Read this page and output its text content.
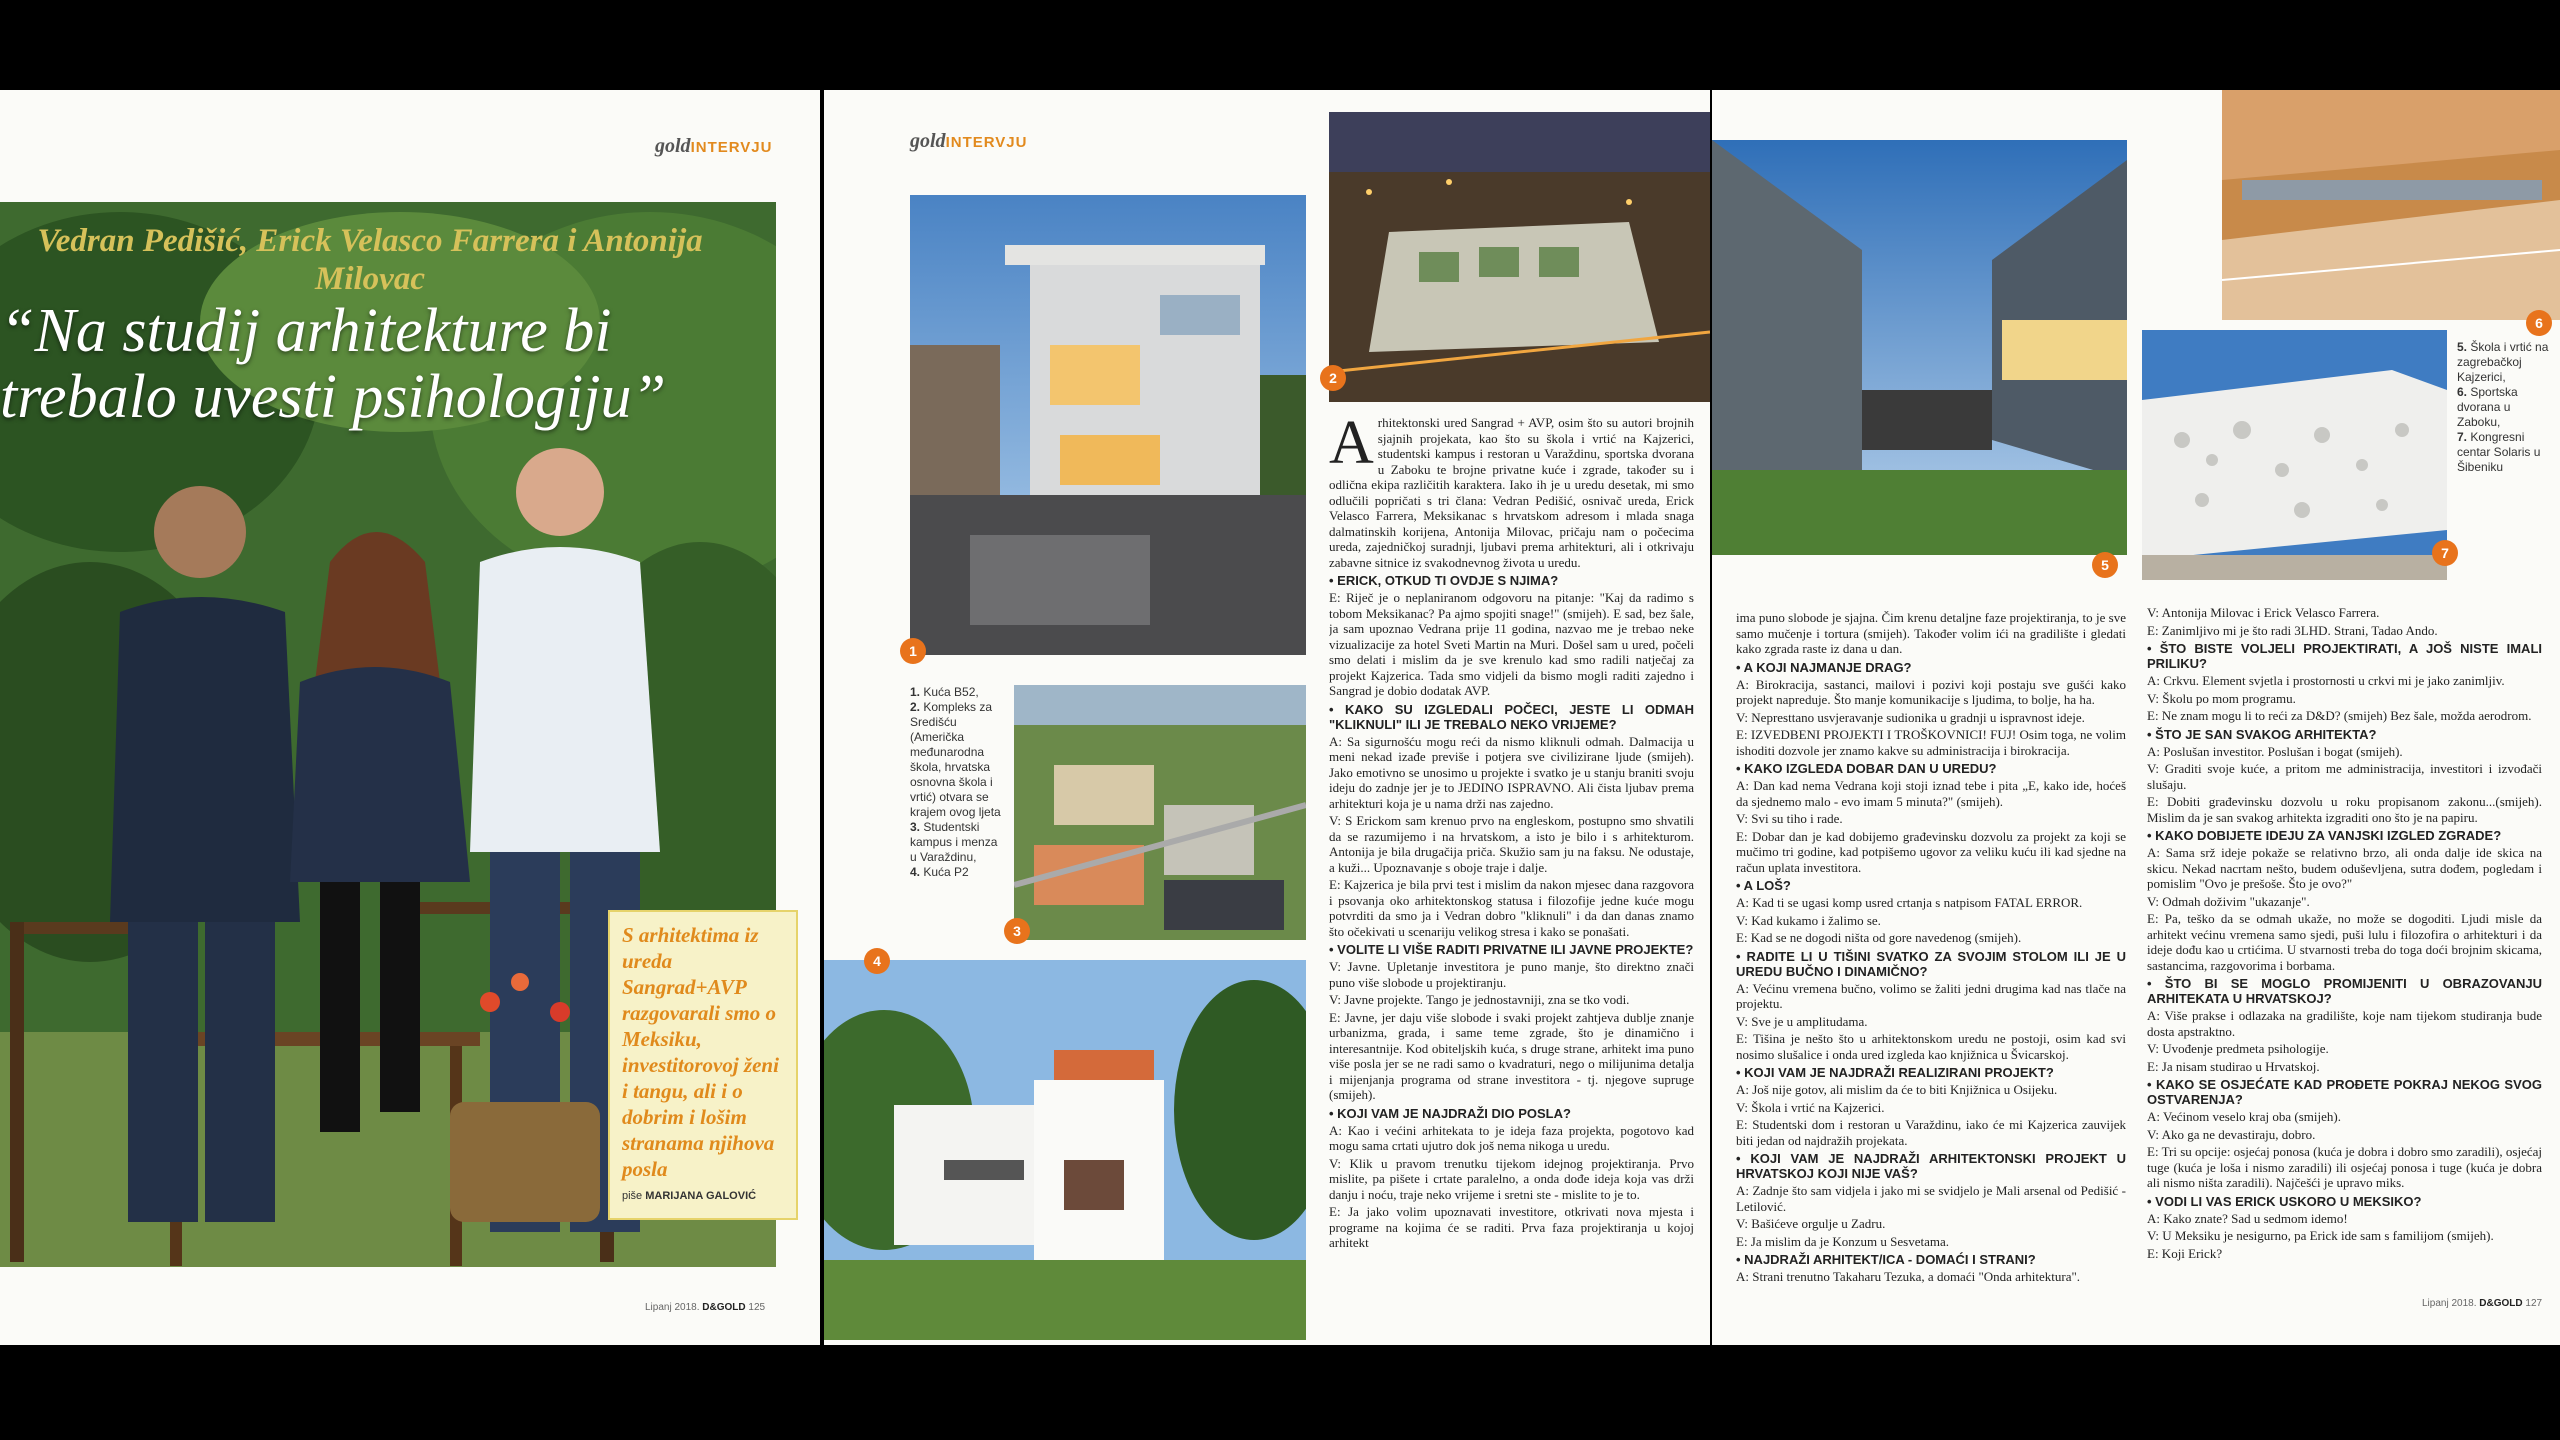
goldINTERVJU
Vedran Pedišić, Erick Velasco Farrera i Antonija Milovac
“Na studij arhitekture bi trebalo uvesti psihologiju”

S arhitektima iz ureda Sangrad+AVP razgovarali smo o Meksiku, investitorovoj ženi i tangu, ali i o dobrim i lošim stranama njihova posla

piše MARIJANA GALOVIĆ
Lipanj 2018. D&GOLD 125
goldINTERVJU
1
2
1. Kuća B52,
2. Kompleks za Središću (Američka međunarodna škola, hrvatska osnovna škola i vrtić) otvara se krajem ovog ljeta
3. Studentski kampus i menza u Varaždinu,
4. Kuća P2
3
4

Arhitektonski ured Sangrad + AVP, osim što su autori brojnih sjajnih projekata, kao što su škola i vrtić na Kajzerici, studentski kampus i restoran u Varaždinu, sportska dvorana u Zaboku te brojne privatne kuće i zgrade, također su i odlična ekipa različitih karaktera. Iako ih je u uredu desetak, mi smo odlučili popričati s tri člana: Vedran Pedišić, osnivač ureda, Erick Velasco Farrera, Meksikanac s hrvatskom adresom i mlada snaga dalmatinskih korijena, Antonija Milovac, pričaju nam o počecima ureda, zajedničkoj suradnji, ljubavi prema arhitekturi, ali i otkrivaju zabavne sitnice iz svakodnevnog života u uredu.

• ERICK, OTKUD TI OVDJE S NJIMA?

E: Riječ je o neplaniranom odgovoru na pitanje: "Kaj da radimo s tobom Meksikanac? Pa ajmo spojiti snage!" (smijeh). E sad, bez šale, ja sam upoznao Vedrana prije 11 godina, nazvao me je trebao neke vizualizacije za hotel Sveti Martin na Muri. Došel sam u ured, počeli smo delati i mislim da je sve krenulo kad smo radili natječaj za projekt Kajzerica. Tada smo vidjeli da bismo mogli raditi zajedno i Sangrad je dobio dodatak AVP.

• KAKO SU IZGLEDALI POČECI, JESTE LI ODMAH "KLIKNULI" ILI JE TREBALO NEKO VRIJEME?

A: Sa sigurnošću mogu reći da nismo kliknuli odmah. Dalmacija u meni nekad izađe previše i potjera sve civilizirane ljude (smijeh). Jako emotivno se unosimo u projekte i svatko je u stanju braniti svoju ideju do zadnje jer je to JEDINO ISPRAVNO. Ali čista ljubav prema arhitekturi koja je u nama drži nas zajedno.

V: S Erickom sam krenuo prvo na engleskom, postupno smo shvatili da se razumijemo i na hrvatskom, a isto je bilo i s arhitekturom. Antonija je bila drugačija priča. Skužio sam ju na faksu. Ne odustaje, a kuži... Upoznavanje s oboje traje i dalje.

E: Kajzerica je bila prvi test i mislim da nakon mjesec dana razgovora i psovanja oko arhitektonskog statusa i filozofije jedne kuće mogu potvrditi da smo ja i Vedran dobro "kliknuli" i da dan danas znamo što očekivati u scenariju velikog stresa i kako se ponašati.

• VOLITE LI VIŠE RADITI PRIVATNE ILI JAVNE PROJEKTE?

V: Javne. Upletanje investitora je puno manje, što direktno znači puno više slobode u projektiranju.

V: Javne projekte. Tango je jednostavniji, zna se tko vodi.

E: Javne, jer daju više slobode i svaki projekt zahtjeva dublje znanje urbanizma, grada, i same teme zgrade, što je dinamično i interesantnije. Kod obiteljskih kuća, s druge strane, arhitekt ima puno više posla jer se ne radi samo o kvadraturi, nego o milijunima detalja i mijenjanja programa od strane investitora - tj. njegove supruge (smijeh).

• KOJI VAM JE NAJDRAŽI DIO POSLA?

A: Kao i većini arhitekata to je ideja faza projekta, pogotovo kad mogu sama crtati ujutro dok još nema nikoga u uredu.

V: Klik u pravom trenutku tijekom idejnog projektiranja. Prvo mislite, pa pišete i crtate paralelno, a onda dođe ideja koja vas drži danju i noću, traje neko vrijeme i sretni ste - mislite to je to.

E: Ja jako volim upoznavati investitore, otkrivati nova mjesta i programe na kojima će se raditi. Prva faza projektiranja u kojoj arhitekt

5
6
7
5. Škola i vrtić na zagrebačkoj Kajzerici,
6. Sportska dvorana u Zaboku,
7. Kongresni centar Solaris u Šibeniku

ima puno slobode je sjajna. Čim krenu detaljne faze projektiranja, to je sve samo mučenje i tortura (smijeh). Također volim ići na gradilište i gledati kako zgrada raste iz dana u dan.

• A KOJI NAJMANJE DRAG?

A: Birokracija, sastanci, mailovi i pozivi koji postaju sve gušći kako projekt napreduje. Što manje komunikacije s ljudima, to bolje, ha ha.

V: Nepresttano usvjeravanje sudionika u gradnji u ispravnost ideje.

E: IZVEDBENI PROJEKTI I TROŠKOVNICI! FUJ! Osim toga, ne volim ishoditi dozvole jer znamo kakve su administracija i birokracija.

• KAKO IZGLEDA DOBAR DAN U UREDU?

A: Dan kad nema Vedrana koji stoji iznad tebe i pita „E, kako ide, hoćeš da sjednemo malo - evo imam 5 minuta?" (smijeh).

V: Svi su tiho i rade.

E: Dobar dan je kad dobijemo građevinsku dozvolu za projekt za koji se mučimo tri godine, kad potpišemo ugovor za veliku kuću ili kad sjedne na račun uplata investitora.

• A LOŠ?

A: Kad ti se ugasi komp usred crtanja s natpisom FATAL ERROR.

V: Kad kukamo i žalimo se.

E: Kad se ne dogodi ništa od gore navedenog (smijeh).

• RADITE LI U TIŠINI SVATKO ZA SVOJIM STOLOM ILI JE U UREDU BUČNO I DINAMIČNO?

A: Većinu vremena bučno, volimo se žaliti jedni drugima kad nas tlače na projektu.

V: Sve je u amplitudama.

E: Tišina je nešto što u arhitektonskom uredu ne postoji, osim kad svi nosimo slušalice i onda ured izgleda kao knjižnica u Švicarskoj.

• KOJI VAM JE NAJDRAŽI REALIZIRANI PROJEKT?

A: Još nije gotov, ali mislim da će to biti Knjižnica u Osijeku.

V: Škola i vrtić na Kajzerici.

E: Studentski dom i restoran u Varaždinu, iako će mi Kajzerica zauvijek biti jedan od najdražih projekata.

• KOJI VAM JE NAJDRAŽI ARHITEKTONSKI PROJEKT U HRVATSKOJ KOJI NIJE VAŠ?

A: Zadnje što sam vidjela i jako mi se svidjelo je Mali arsenal od Pedišić - Letilović.

V: Bašićeve orgulje u Zadru.

E: Ja mislim da je Konzum u Sesvetama.

• NAJDRAŽI ARHITEKT/ICA - DOMAĆI I STRANI?

A: Strani trenutno Takaharu Tezuka, a domaći "Onda arhitektura".

V: Antonija Milovac i Erick Velasco Farrera.

E: Zanimljivo mi je što radi 3LHD. Strani, Tadao Ando.

• ŠTO BISTE VOLJELI PROJEKTIRATI, A JOŠ NISTE IMALI PRILIKU?

A: Crkvu. Element svjetla i prostornosti u crkvi mi je jako zanimljiv.

V: Školu po mom programu.

E: Ne znam mogu li to reći za D&D? (smijeh) Bez šale, možda aerodrom.

• ŠTO JE SAN SVAKOG ARHITEKTA?

A: Poslušan investitor. Poslušan i bogat (smijeh).

V: Graditi svoje kuće, a pritom me administracija, investitori i izvođači slušaju.

E: Dobiti građevinsku dozvolu u roku propisanom zakonu...(smijeh). Mislim da je san svakog arhitekta izgraditi ono što je na papiru.

• KAKO DOBIJETE IDEJU ZA VANJSKI IZGLED ZGRADE?

A: Sama srž ideje pokaže se relativno brzo, ali onda dalje ide skica na skicu. Nekad nacrtam nešto, budem oduševljena, sutra dođem, pogledam i pomislim "Ovo je prešoše. Što je ovo?"

V: Odmah doživim "ukazanje".

E: Pa, teško da se odmah ukaže, no može se dogoditi. Ljudi misle da arhitekt većinu vremena samo sjedi, puši lulu i filozofira o arhitekturi i da ideje dođu kao u crtićima. U stvarnosti treba do toga doći brojnim skicama, sastancima, razgovorima i borbama.

• ŠTO BI SE MOGLO PROMIJENITI U OBRAZOVANJU ARHITEKATA U HRVATSKOJ?

A: Više prakse i odlazaka na gradilište, koje nam tijekom studiranja bude dosta apstraktno.

V: Uvođenje predmeta psihologije.

E: Ja nisam studirao u Hrvatskoj.

• KAKO SE OSJEĆATE KAD PROĐETE POKRAJ NEKOG SVOG OSTVARENJA?

A: Većinom veselo kraj oba (smijeh).

V: Ako ga ne devastiraju, dobro.

E: Tri su opcije: osjećaj ponosa (kuća je dobra i dobro smo zaradili), osjećaj tuge (kuća je loša i nismo zaradili) ili osjećaj ponosa i tuge (kuća je dobra ali nismo ništa zaradili). Najčešći je upravo miks.

• VODI LI VAS ERICK USKORO U MEKSIKO?

A: Kako znate? Sad u sedmom idemo!

V: U Meksiku je nesigurno, pa Erick ide sam s familijom (smijeh).

E: Koji Erick?

Lipanj 2018. D&GOLD 127
